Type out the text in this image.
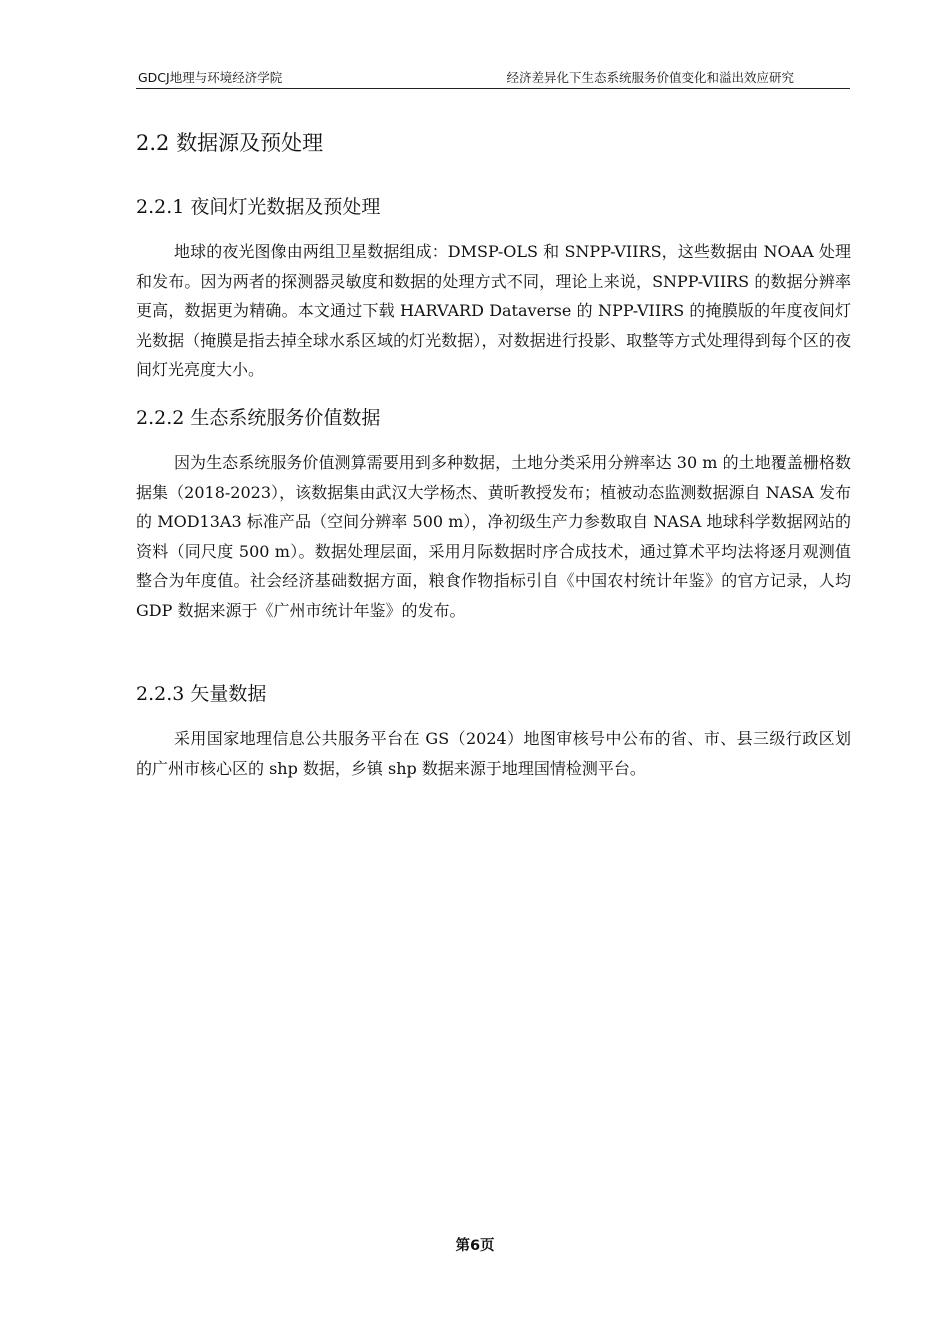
GDCJ地理与环境经济学院	经济差异化下生态系统服务价值变化和溢出效应研究
2.2 数据源及预处理
2.2.1 夜间灯光数据及预处理
地球的夜光图像由两组卫星数据组成：DMSP-OLS 和 SNPP-VIIRS，这些数据由 NOAA 处理和发布。因为两者的探测器灵敏度和数据的处理方式不同，理论上来说，SNPP-VIIRS 的数据分辨率更高，数据更为精确。本文通过下载 HARVARD Dataverse 的 NPP-VIIRS 的掩膜版的年度夜间灯光数据（掩膜是指去掉全球水系区域的灯光数据），对数据进行投影、取整等方式处理得到每个区的夜间灯光亮度大小。
2.2.2 生态系统服务价值数据
因为生态系统服务价值测算需要用到多种数据，土地分类采用分辨率达 30 m 的土地覆盖栅格数据集（2018-2023），该数据集由武汉大学杨杰、黄昕教授发布；植被动态监测数据源自 NASA 发布的 MOD13A3 标准产品（空间分辨率 500 m），净初级生产力参数取自 NASA 地球科学数据网站的资料（同尺度 500 m）。数据处理层面，采用月际数据时序合成技术，通过算术平均法将逐月观测值整合为年度值。社会经济基础数据方面，粮食作物指标引自《中国农村统计年鉴》的官方记录，人均 GDP 数据来源于《广州市统计年鉴》的发布。
2.2.3 矢量数据
采用国家地理信息公共服务平台在 GS（2024）地图审核号中公布的省、市、县三级行政区划的广州市核心区的 shp 数据，乡镇 shp 数据来源于地理国情检测平台。
第6页
